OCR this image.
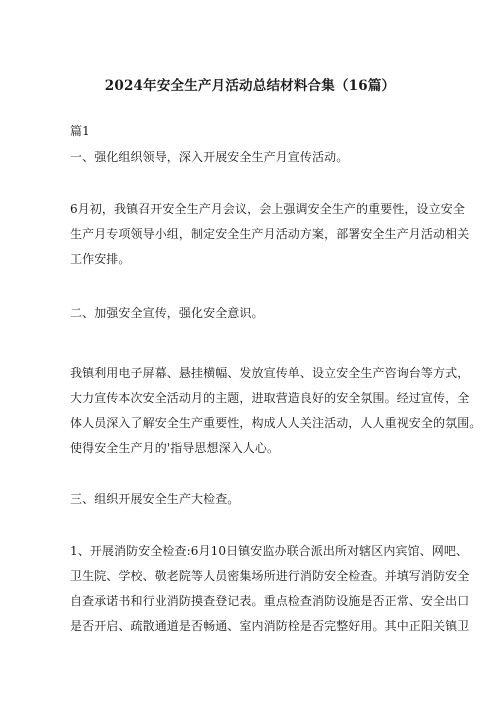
2024年安全生产月活动总结材料合集（16篇）
篇1
一、强化组织领导，深入开展安全生产月宣传活动。
6月初，我镇召开安全生产月会议，会上强调安全生产的重要性，设立安全
生产月专项领导小组，制定安全生产月活动方案，部署安全生产月活动相关
工作安排。
二、加强安全宣传，强化安全意识。
我镇利用电子屏幕、悬挂横幅、发放宣传单、设立安全生产咨询台等方式，
大力宣传本次安全活动月的主题，进取营造良好的安全氛围。经过宣传，全
体人员深入了解安全生产重要性，构成人人关注活动，人人重视安全的氛围。
使得安全生产月的'指导思想深入人心。
三、组织开展安全生产大检查。
1、开展消防安全检查:6月10日镇安监办联合派出所对辖区内宾馆、网吧、
卫生院、学校、敬老院等人员密集场所进行消防安全检查。并填写消防安全
自查承诺书和行业消防摸查登记表。重点检查消防设施是否正常、安全出口
是否开启、疏散通道是否畅通、室内消防栓是否完整好用。其中正阳关镇卫
